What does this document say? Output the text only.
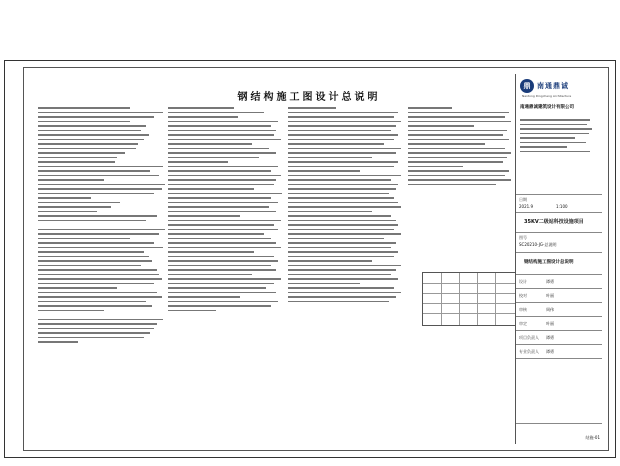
钢结构施工图设计总说明
鼎 南通鼎诚
Nantong Dingcheng Architecture
南通鼎诚建筑设计有限公司
日期
2021.9	1:100
35KV二级站科技设施项目
图号
SC20210-JG-总说明
钢结构施工图设计总说明
设计	谭勇
校对	叶丽
审核	周伟
审定	叶丽
项目负责人 谭勇
专业负责人 谭勇
结施-01
